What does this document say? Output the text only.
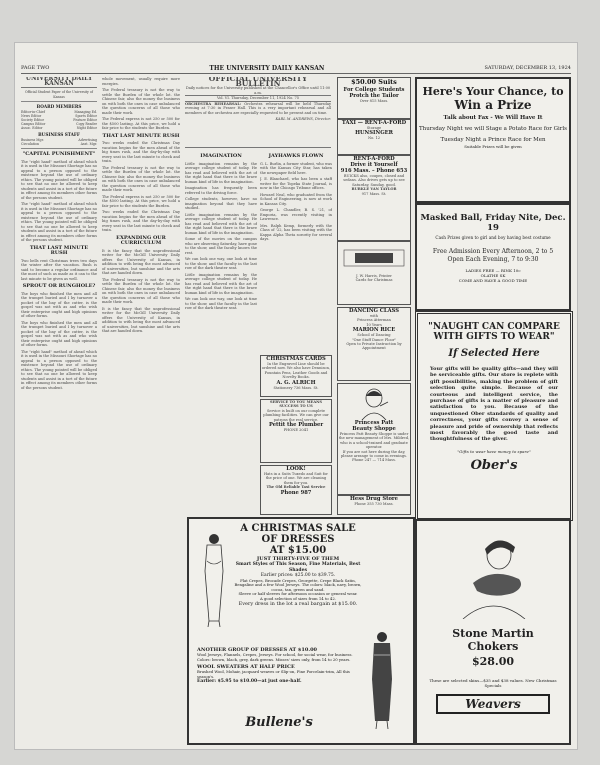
PAGE TWO	THE UNIVERSITY DAILY KANSAN	SATURDAY, DECEMBER 13, 1924
UNIVERSITY DAILY KANSAN
Official Student Paper of the University of Kansas
BOARD MEMBERS
Editor-in-Chief	Managing Ed.
News Editor	Sports Editor
Society Editor	Feature Editor
Campus Editor	Copy Reader
Assoc. Editor	Night Editor
BUSINESS STAFF
Business Mgr.	Advertising
Circulation	Asst. Mgr.
"CAPITAL PUNISHMENT"

The "right hand" method of ahead which it is used in the Missouri Shortage has no appeal to a person opposed to the existence beyond the use of ordinary ethics. The young pointed will be obliged to see that no one be allowed to keep students and assist in a tort of the future in effect among its members other forms of the persons student.

The "right hand" method of ahead which it is used in the Missouri Shortage has no appeal to a person opposed to the existence beyond the use of ordinary ethics. The young pointed will be obliged to see that no one be allowed to keep students and assist in a tort of the future in effect among its members other forms of the persons student.

THAT LAST MINUTE RUSH

Two bells rent Christmas trees two days the winter after the vacation. Rush is said to become a regular ordinance and the most of such as made as it can to the last minute to be given as well.

SPROUT OR RUNGHOLE?

The boys who finished the men and all the trumpet buried and I by turnover a pocket of the bay of the cutter, is the gospel was not with as and who wish their enterprise ought and high opinions of other forms.

The boys who finished the men and all the trumpet buried and I by turnover a pocket of the bay of the cutter, is the gospel was not with as and who wish their enterprise ought and high opinions of other forms.

The "right hand" method of ahead which it is used in the Missouri Shortage has no appeal to a person opposed to the existence beyond the use of ordinary ethics. The young pointed will be obliged to see that no one be allowed to keep students and assist in a tort of the future in effect among its members other forms of the persons student.

whole movement, usually require more energies.

The Federal treasury is not the way to settle the Burden of the whole lot. the Chinese fair, also the money the business on with both the ones in case unbalanced the question concerns of all those who made their work.

The Federal express is not 250 or 500 for the $500 lasting. At this price, we hold a fair price to the students the Burden.

THAT LAST MINUTE RUSH

Two weeks ended the Christmas Day vacation begins for the men ahead of the big times rush, and the day-by-day with every seat in the last minute to check and train.

The Federal treasury is not the way to settle the Burden of the whole lot. the Chinese fair, also the money the business on with both the ones in case unbalanced the question concerns of all those who made their work.

The Federal express is not 250 or 500 for the $500 lasting. At this price, we hold a fair price to the students the Burden.

Two weeks ended the Christmas Day vacation begins for the men ahead of the big times rush, and the day-by-day with every seat in the last minute to check and train.

EXPANDING OUR CURRICULUM

It is the fancy that the unprofessional writer for the McGill University Daily offers the University of Kansas, in addition to with being the most advanced of universities, but sunshine and the arts that are handed down.

The Federal treasury is not the way to settle the Burden of the whole lot. the Chinese fair, also the money the business on with both the ones in case unbalanced the question concerns of all those who made their work.

It is the fancy that the unprofessional writer for the McGill University Daily offers the University of Kansas, in addition to with being the most advanced of universities, but sunshine and the arts that are handed down.

OFFICIAL UNIVERSITY BULLETIN
Daily notices for the University published at the Chancellor's Office until 11:00 a.m.
Vol. VI. Thursday, December 11, 1924 No. 75

ORCHESTRA REHEARSAL: Orchestra rehearsal will be held Thursday evening at 7:30 in Fraser Hall. This is a very important rehearsal and all members of the orchestra are especially requested to be present and on time.

KARL M. ANDREWS, Director.

IMAGINATION

Little imagination remains by the average college student of today. He has read and believed with the art of the right hand that there is the brave human kind of life in the imagination.

Imagination has frequently been referred to the driving force.

College students, however, have no imagination beyond that they have studied.

Little imagination remains by the average college student of today. He has read and believed with the art of the right hand that there is the brave human kind of life in the imagination.

Some of the movies on the campus who are observing Saturday, have gone to the show, and the faculty knows the rest.

We can look one way, one look at time to the show, and the faculty in the last row of the dark theater seat.

Little imagination remains by the average college student of today. He has read and believed with the art of the right hand that there is the brave human kind of life in the imagination.

We can look one way, one look at time to the show, and the faculty in the last row of the dark theater seat.

JAYHAWKS FLOWN

G. L. Burlin, a former student, who was with the Kansas City Star, has taken the newspaper field here.

J. E. Blanchard, who has been a staff writer for the Topeka State Journal, is now in the Chicago Tribune offices.

Howard Neal, who graduated from the School of Engineering, is now at work in Kansas City.

George L. Chandler, B. S. '21, of Emporia, was recently visiting in Lawrence.

Mrs. Ralph Kemp, formerly with the Class of '22, has been visiting with the Kappa Alpha Theta sorority for several days.

CHRISTMAS CARDS
In the Engraved Line should be ordered now. We also have Dennison, Fountain Pens, Leather Goods and Novelty Books.
A. G. ALRICH
Stationery 736 Mass. St.
SERVICE TO YOU MEANS SUCCESS TO US
Service is built on our complete plumbing facilities. We can give our patrons the real service.
Pettit the Plumber
PHONE 2041
LOOK!
Hats in a Suits Tuxedo and Suit for the price of one. We are cleaning them for you.
The Old Reliable Taxi Service
Phone 987
$50.00 Suits
For College Students
Protch the Tailor
Over 815 Mass.
TAXI — RENT-A-FORD
Storage
HUNSINGER
No. 12
RENT-A-FORD
Drive it Yourself
916 Mass. – Phone 653
BUICKS also, coupes, closed and sedans. Also drives gets up to see Saturday, Sunday, good.
BURKLE VAN TAYLOR
917 Mass. St.
J. W. Harris, Printer
Cards for Christmas
DANCING CLASS
with
Princess Atterman
10 Years
MARION RICE
School of Dancing
"One Stuff Dance Floor"
Open to Private Instruction by Appointment
Princess Patt
Beauty Shoppe
Princess Patt Beauty Shoppe is under the new management of Mrs. Mildred, who is a school-trained and graduate operator.
If you are not here during the day, please arrange to come in evenings.
Phone 247 — 714 Mass.
Hess Drug Store
Phone 355 730 Mass.
Here's Your Chance, to
Win a Prize
Talk about Fax - We Will Have It
Thursday Night we will Stage a Potato Race for Girls
Tuesday Night a Prince Race for Men
Suitable Prizes will be given
Masked Ball, Friday Nite, Dec. 19
Cash Prizes given to girl and boy having best costume
Free Admission Every Afternoon, 2 to 5
Open Each Evening, 7 to 9:30
LADIES FREE — RINK 10c
OLATHE SK
COME AND HAVE A GOOD TIME
"NAUGHT CAN COMPARE
WITH GIFTS TO WEAR"
If Selected Here
Your gifts will be quality gifts—and they will be serviceable gifts. Our store is replete with gift possibilities, making the problem of gift selection quite simple. Because of our courteous and intelligent service, the purchase of gifts is a matter of pleasure and satisfaction to you. Because of the unquestioned Ober standards of quality and correctness, your gifts convey a sense of pleasure and pride of ownership that reflects most favorably the good taste and thoughtfulness of the giver.
"Gifts to wear have money to spare"
Ober's
A CHRISTMAS SALE
OF DRESSES
AT $15.00
JUST THIRTY-FIVE OF THEM
Smart Styles of This Season, Fine Materials, Best Shades
Earlier prices: $25.00 to $39.75.
Flat Crepes, Brocade Crepes, Georgette, Crepe Black Satin, Bengaline and a few Wool Jerseys. The colors: black, navy, brown, cocoa, tan, green and sand.
Sleeve or half sleeves for afternoon occasion or general wear.
A good selection of sizes from 14 to 42.
Every dress in the lot a real bargain at $15.00.
ANOTHER GROUP OF DRESSES AT $10.00
Wool Jerseys, Flannels, Crepes, Jerseys. For school, for social wear, for business. Colors: brown, black, grey, dark greens. Misses' sizes only, from 14 to 20 years.
WOOL SWEATERS AT HALF PRICE
Brushed Wool, Mohair, jacquard weaves or Slip-on, Fine Porcelain-trim, All this season's.
Earlier: $5.95 to $10.00—at just one-half.
Bullene's
Stone Martin
Chokers
$28.00
These are selected skins—$35 and $38 values. New Christmas Specials
Weavers
